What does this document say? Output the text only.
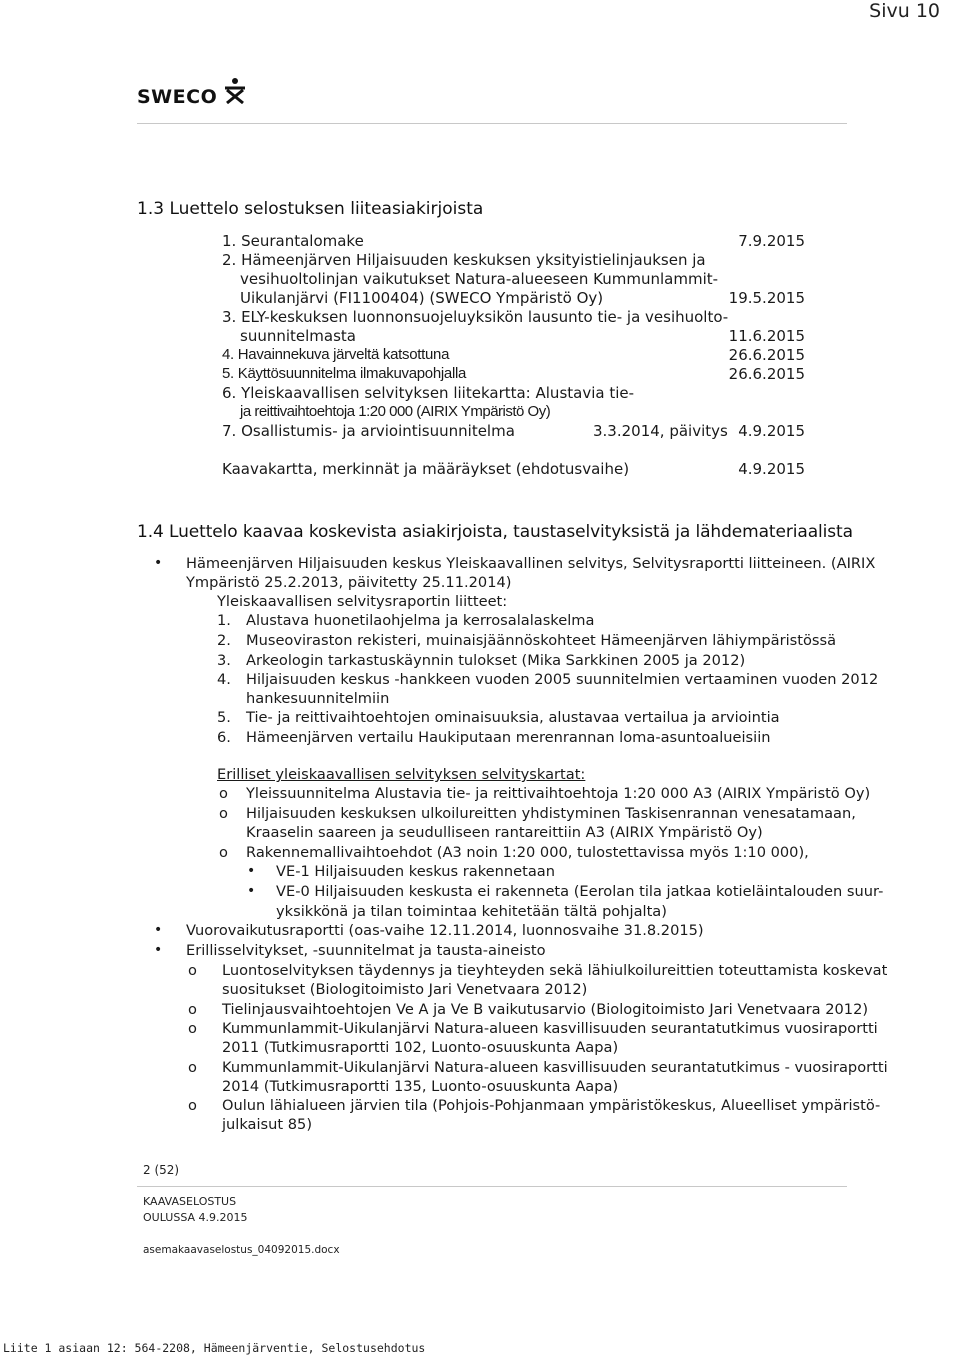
Sivu 10
SWECO
1.3 Luettelo selostuksen liiteasiakirjoista
1. Seurantalomake	7.9.2015
2. Hämeenjärven Hiljaisuuden keskuksen yksityistielinjauksen ja
vesihuoltolinjan vaikutukset Natura-alueeseen Kummunlammit-
Uikulanjärvi (FI1100404) (SWECO Ympäristö Oy)	19.5.2015
3. ELY-keskuksen luonnonsuojeluyksikön lausunto tie- ja vesihuolto-
suunnitelmasta	11.6.2015
4. Havainnekuva järveltä katsottuna	26.6.2015
5. Käyttösuunnitelma ilmakuvapohjalla	26.6.2015
6. Yleiskaavallisen selvityksen liitekartta: Alustavia tie-
ja reittivaihtoehtoja 1:20 000 (AIRIX Ympäristö Oy)
7. Osallistumis- ja arviointisuunnitelma	3.3.2014, päivitys 4.9.2015
Kaavakartta, merkinnät ja määräykset (ehdotusvaihe)	4.9.2015
1.4 Luettelo kaavaa koskevista asiakirjoista, taustaselvityksistä ja lähdemateriaalista
• Hämeenjärven Hiljaisuuden keskus Yleiskaavallinen selvitys, Selvitysraportti liitteineen. (AIRIX
Ympäristö 25.2.2013, päivitetty 25.11.2014)
Yleiskaavallisen selvitysraportin liitteet:
1. Alustava huonetilaohjelma ja kerrosalalaskelma
2. Museoviraston rekisteri, muinaisjäännöskohteet Hämeenjärven lähiympäristössä
3. Arkeologin tarkastuskäynnin tulokset (Mika Sarkkinen 2005 ja 2012)
4. Hiljaisuuden keskus -hankkeen vuoden 2005 suunnitelmien vertaaminen vuoden 2012
hankesuunnitelmiin
5. Tie- ja reittivaihtoehtojen ominaisuuksia, alustavaa vertailua ja arviointia
6. Hämeenjärven vertailu Haukiputaan merenrannan loma-asuntoalueisiin
Erilliset yleiskaavallisen selvityksen selvityskartat:
o Yleissuunnitelma Alustavia tie- ja reittivaihtoehtoja 1:20 000 A3 (AIRIX Ympäristö Oy)
o Hiljaisuuden keskuksen ulkoilureitten yhdistyminen Taskisenrannan venesatamaan,
Kraaselin saareen ja seudulliseen rantareittiin A3 (AIRIX Ympäristö Oy)
o Rakennemallivaihtoehdot (A3 noin 1:20 000, tulostettavissa myös 1:10 000),
• VE-1 Hiljaisuuden keskus rakennetaan
• VE-0 Hiljaisuuden keskusta ei rakenneta (Eerolan tila jatkaa kotieläintalouden suur-
yksikkönä ja tilan toimintaa kehitetään tältä pohjalta)
• Vuorovaikutusraportti (oas-vaihe 12.11.2014, luonnosvaihe 31.8.2015)
• Erillisselvitykset, -suunnitelmat ja tausta-aineisto
o Luontoselvityksen täydennys ja tieyhteyden sekä lähiulkoilureittien toteuttamista koskevat
suositukset (Biologitoimisto Jari Venetvaara 2012)
o Tielinjausvaihtoehtojen Ve A ja Ve B vaikutusarvio (Biologitoimisto Jari Venetvaara 2012)
o Kummunlammit-Uikulanjärvi Natura-alueen kasvillisuuden seurantatutkimus vuosiraportti
2011 (Tutkimusraportti 102, Luonto-osuuskunta Aapa)
o Kummunlammit-Uikulanjärvi Natura-alueen kasvillisuuden seurantatutkimus - vuosiraportti
2014 (Tutkimusraportti 135, Luonto-osuuskunta Aapa)
o Oulun lähialueen järvien tila (Pohjois-Pohjanmaan ympäristökeskus, Alueelliset ympäristö-
julkaisut 85)
2 (52)
KAAVASELOSTUS
OULUSSA 4.9.2015
asemakaavaselostus_04092015.docx
Liite 1 asiaan 12: 564-2208, Hämeenjärventie, Selostusehdotus
